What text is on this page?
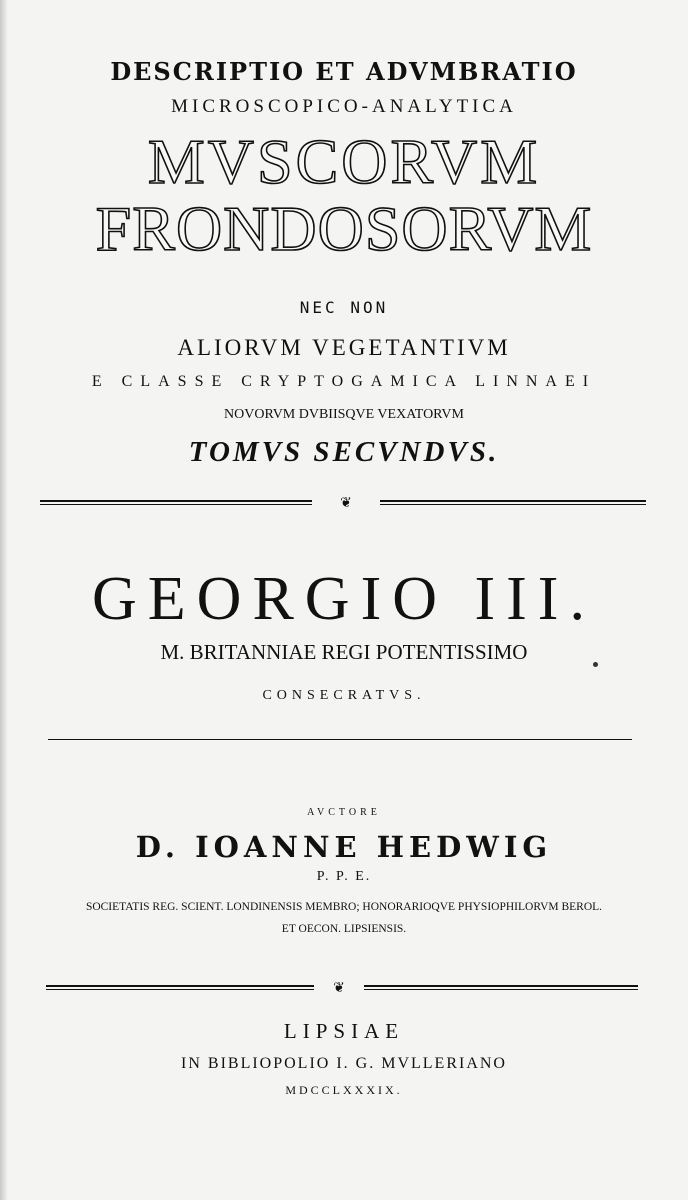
DESCRIPTIO ET ADVMBRATIO
MICROSCOPICO-ANALYTICA
MVSCORVM
FRONDOSORVM
NEC NON
ALIORVM VEGETANTIVM
E CLASSE CRYPTOGAMICA LINNAEI
NOVORVM DVBIISQVE VEXATORVM
TOMVS SECVNDVS.
❦
GEORGIO III.
M. BRITANNIAE REGI POTENTISSIMO
CONSECRATVS.
AVCTORE
D. IOANNE HEDWIG
P. P. E.
SOCIETATIS REG. SCIENT. LONDINENSIS MEMBRO; HONORARIOQVE PHYSIOPHILORVM BEROL.
ET OECON. LIPSIENSIS.
❦
LIPSIAE
IN BIBLIOPOLIO I. G. MVLLERIANO
MDCCLXXXIX.
